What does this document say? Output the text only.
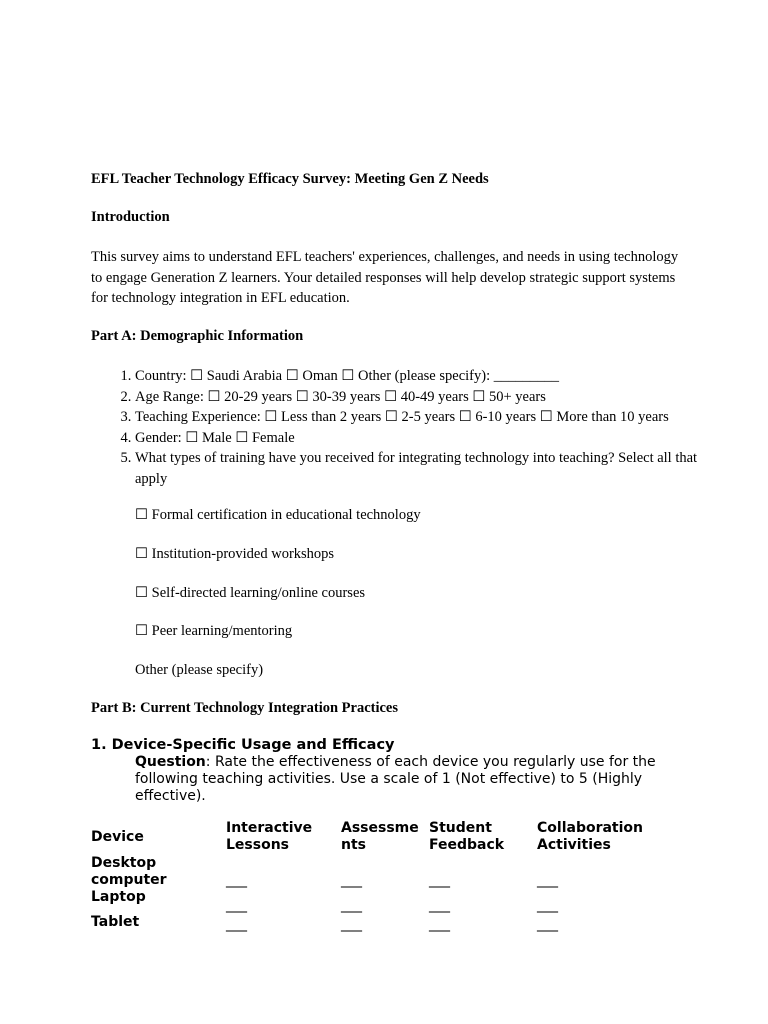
EFL Teacher Technology Efficacy Survey: Meeting Gen Z Needs
Introduction
This survey aims to understand EFL teachers' experiences, challenges, and needs in using technology to engage Generation Z learners. Your detailed responses will help develop strategic support systems for technology integration in EFL education.
Part A: Demographic Information
1. Country: ☐ Saudi Arabia ☐ Oman ☐ Other (please specify): _________
2. Age Range: ☐ 20-29 years ☐ 30-39 years ☐ 40-49 years ☐ 50+ years
3. Teaching Experience: ☐ Less than 2 years ☐ 2-5 years ☐ 6-10 years ☐ More than 10 years
4. Gender: ☐ Male ☐ Female
5. What types of training have you received for integrating technology into teaching? Select all that apply
☐ Formal certification in educational technology
☐ Institution-provided workshops
☐ Self-directed learning/online courses
☐ Peer learning/mentoring
Other (please specify)
Part B: Current Technology Integration Practices
1. Device-Specific Usage and Efficacy
Question: Rate the effectiveness of each device you regularly use for the following teaching activities. Use a scale of 1 (Not effective) to 5 (Highly effective).
Device	Interactive Lessons	Assessme nts	Student Feedback	Collaboration Activities
Desktop computer	___	___	___	___
Laptop	___	___	___	___
Tablet	___	___	___	___
